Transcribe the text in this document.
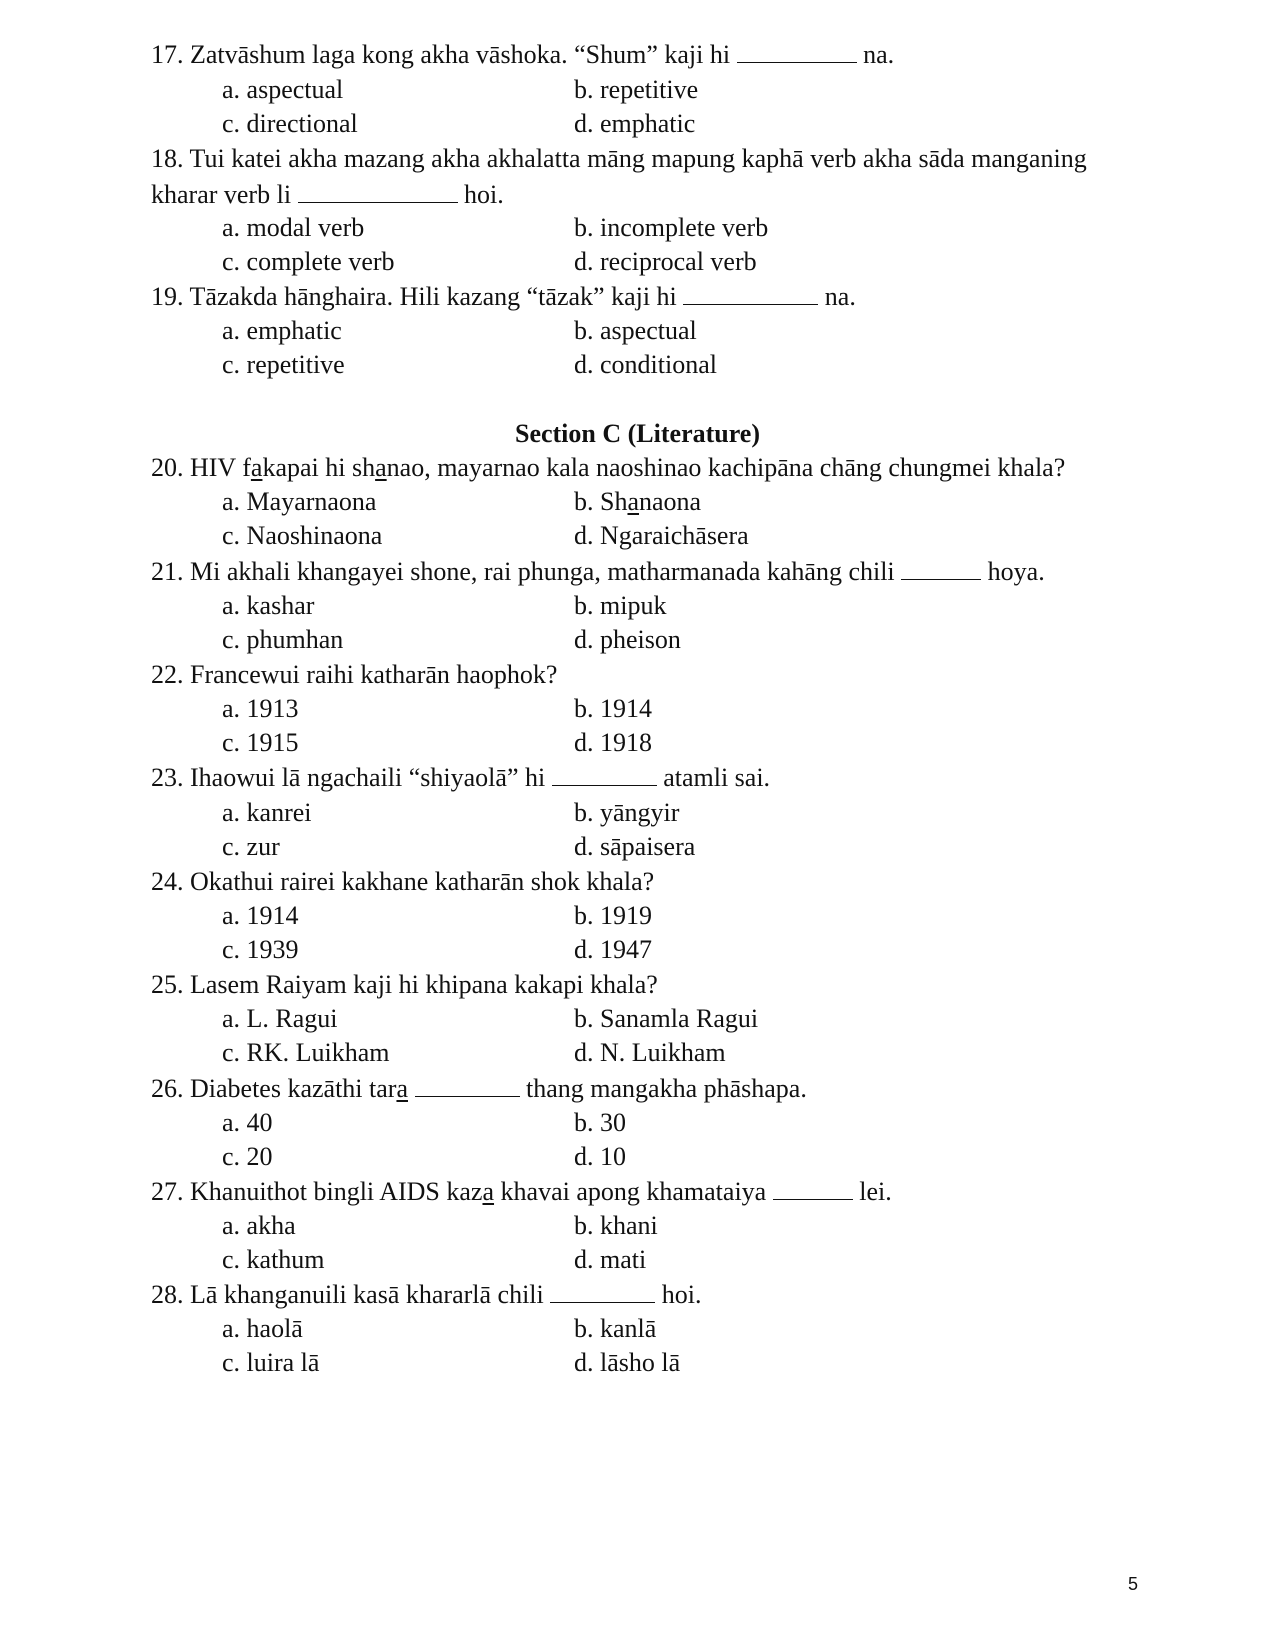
Section C (Literature)
5
17. Zatvāshum laga kong akha vāshoka. “Shum” kaji hi	na.
a. aspectual	b. repetitive
c. directional	d. emphatic
18. Tui katei akha mazang akha akhalatta māng mapung kaphā verb akha sāda manganing kharar verb li	hoi.
a. modal verb	b. incomplete verb
c. complete verb	d. reciprocal verb
19. Tāzakda hānghaira. Hili kazang “tāzak” kaji hi	na.
a. emphatic	b. aspectual
c. repetitive	d. conditional
20. HIV fakapai hi shanao, mayarnao kala naoshinao kachipāna chāng chungmei khala?
a. Mayarnaona	b. Shanaona
c. Naoshinaona	d. Ngaraichāsera
21. Mi akhali khangayei shone, rai phunga, matharmanada kahāng chili	hoya.
a. kashar	b. mipuk
c. phumhan	d. pheison
22. Francewui raihi katharān haophok?
a. 1913	b. 1914
c. 1915	d. 1918
23. Ihaowui lā ngachaili “shiyaolā” hi	atamli sai.
a. kanrei	b. yāngyir
c. zur	d. sāpaisera
24. Okathui rairei kakhane katharān shok khala?
a. 1914	b. 1919
c. 1939	d. 1947
25. Lasem Raiyam kaji hi khipana kakapi khala?
a. L. Ragui	b. Sanamla Ragui
c. RK. Luikham	d. N. Luikham
26. Diabetes kazāthi tara	thang mangakha phāshapa.
a. 40	b. 30
c. 20	d. 10
27. Khanuithot bingli AIDS kaza khavai apong khamataiya	lei.
a. akha	b. khani
c. kathum	d. mati
28. Lā khanganuili kasā khararlā chili	hoi.
a. haolā	b. kanlā
c. luira lā	d. lāsho lā
